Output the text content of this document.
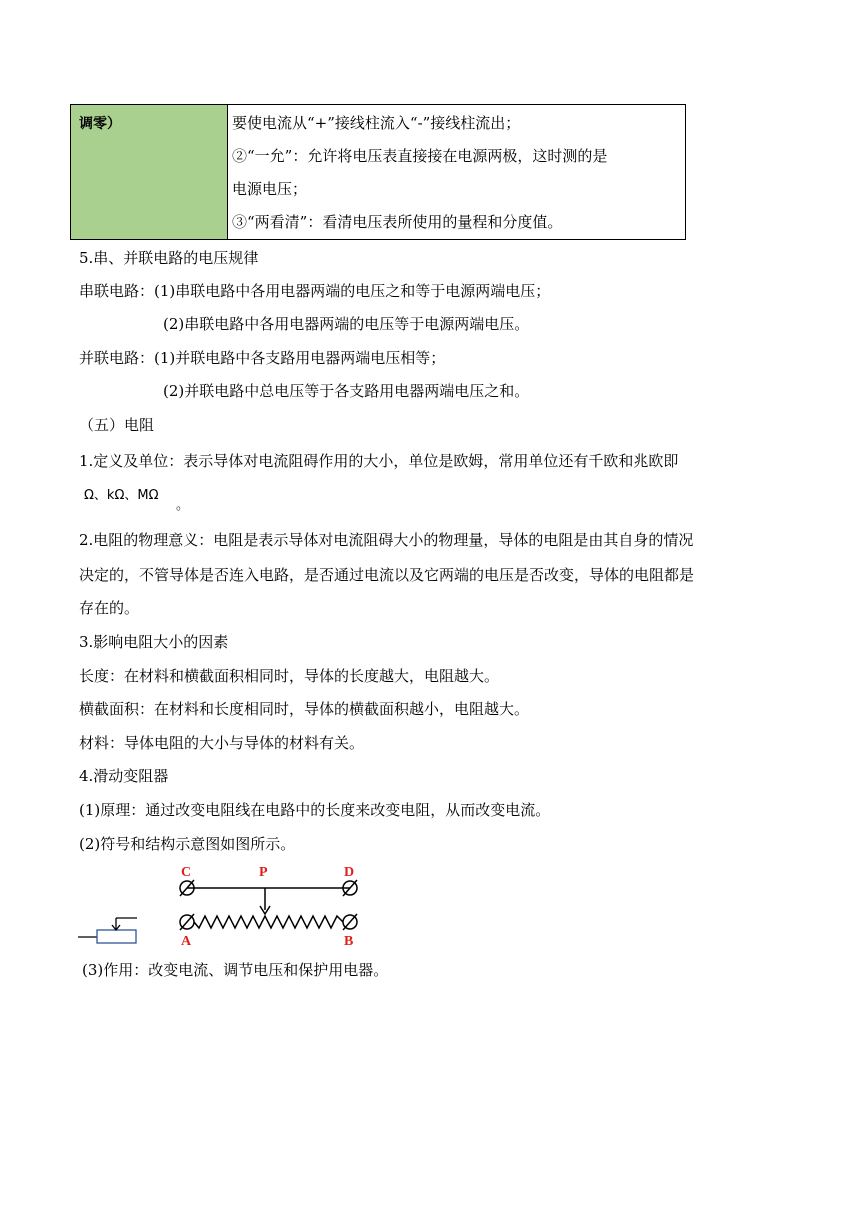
调零）	要使电流从“+”接线柱流入“-”接线柱流出；
②“一允”：允许将电压表直接接在电源两极，这时测的是
电源电压；
③“两看清”：看清电压表所使用的量程和分度值。
5.串、并联电路的电压规律
串联电路：(1)串联电路中各用电器两端的电压之和等于电源两端电压；
(2)串联电路中各用电器两端的电压等于电源两端电压。
并联电路：(1)并联电路中各支路用电器两端电压相等；
(2)并联电路中总电压等于各支路用电器两端电压之和。
（五）电阻
1.定义及单位：表示导体对电流阻碍作用的大小，单位是欧姆，常用单位还有千欧和兆欧即
Ω、kΩ、MΩ
。
2.电阻的物理意义：电阻是表示导体对电流阻碍大小的物理量，导体的电阻是由其自身的情况
决定的，不管导体是否连入电路，是否通过电流以及它两端的电压是否改变，导体的电阻都是
存在的。
3.影响电阻大小的因素
长度：在材料和横截面积相同时，导体的长度越大，电阻越大。
横截面积：在材料和长度相同时，导体的横截面积越小，电阻越大。
材料：导体电阻的大小与导体的材料有关。
4.滑动变阻器
(1)原理：通过改变电阻线在电路中的长度来改变电阻，从而改变电流。
(2)符号和结构示意图如图所示。
(3)作用：改变电流、调节电压和保护用电器。
C	P	D
A	B
